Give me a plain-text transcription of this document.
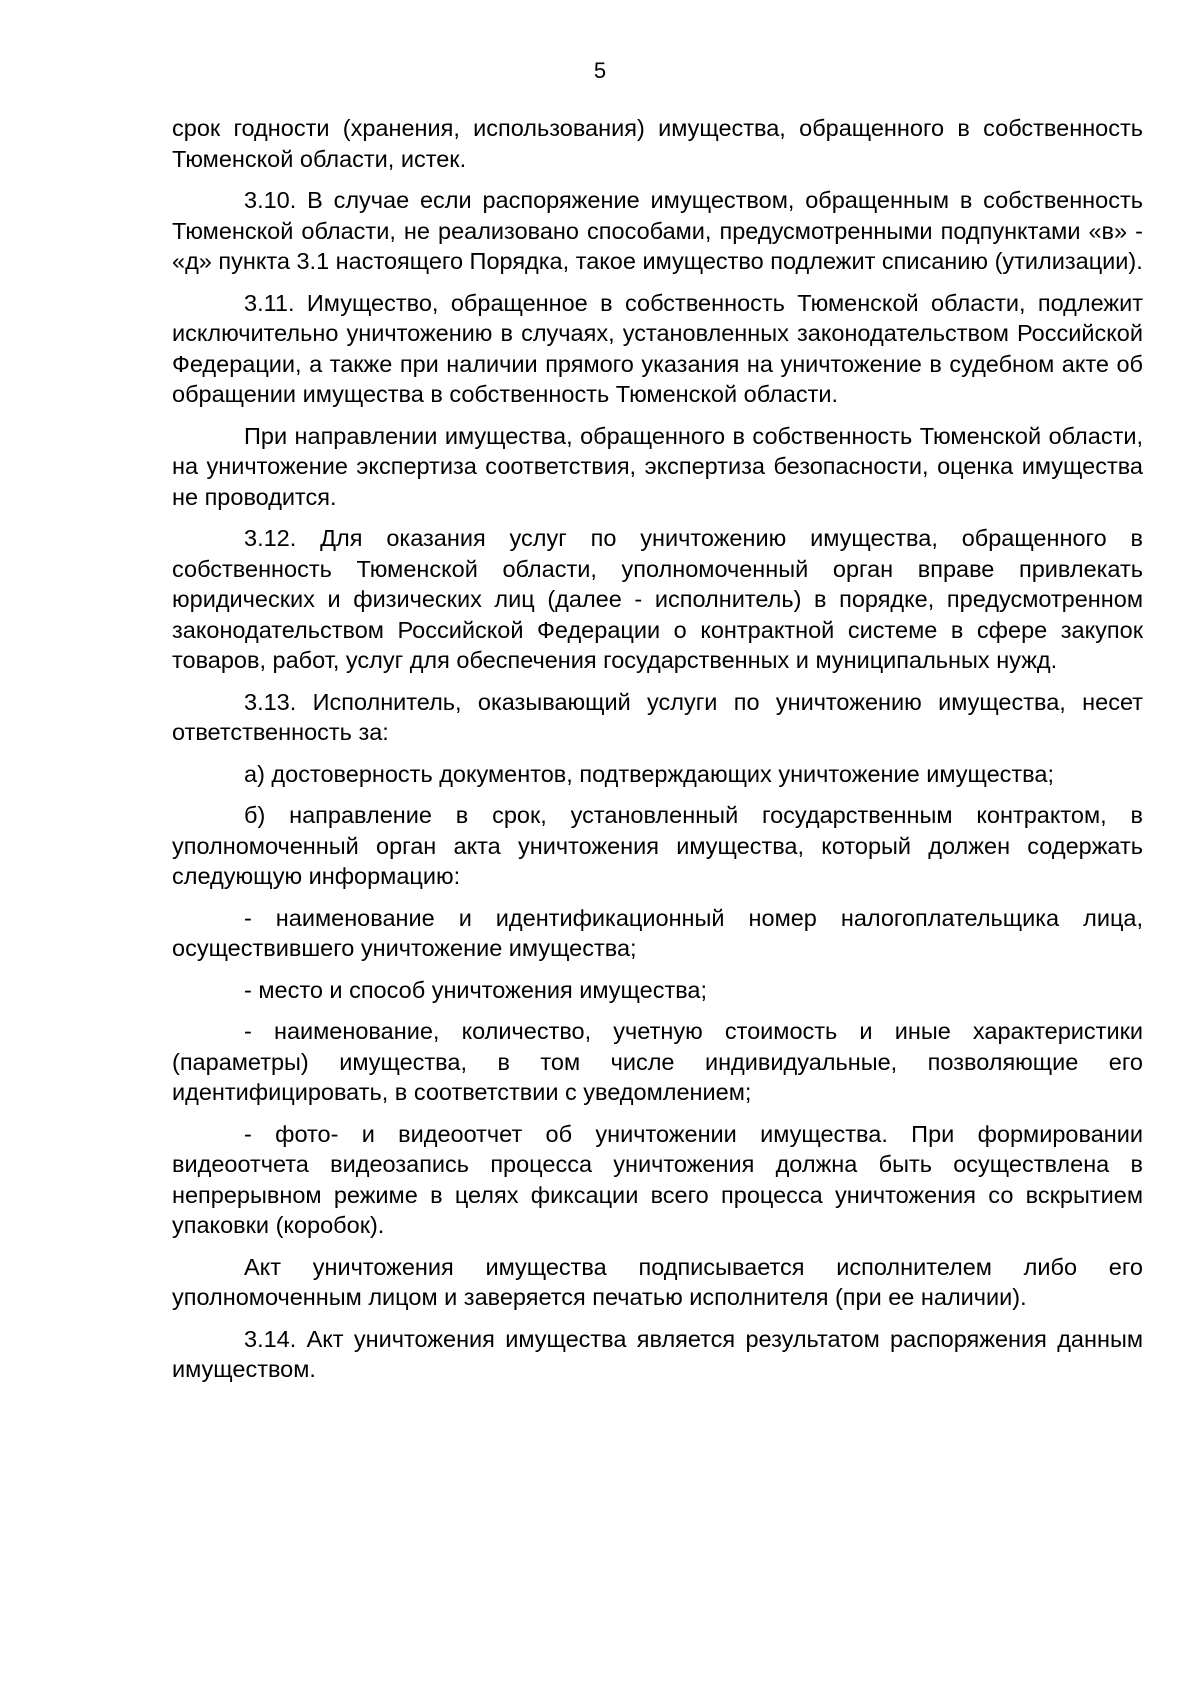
5

срок годности (хранения, использования) имущества, обращенного в собственность Тюменской области, истек.

3.10. В случае если распоряжение имуществом, обращенным в собственность Тюменской области, не реализовано способами, предусмотренными подпунктами «в» - «д» пункта 3.1 настоящего Порядка, такое имущество подлежит списанию (утилизации).

3.11. Имущество, обращенное в собственность Тюменской области, подлежит исключительно уничтожению в случаях, установленных законодательством Российской Федерации, а также при наличии прямого указания на уничтожение в судебном акте об обращении имущества в собственность Тюменской области.

При направлении имущества, обращенного в собственность Тюменской области, на уничтожение экспертиза соответствия, экспертиза безопасности, оценка имущества не проводится.

3.12. Для оказания услуг по уничтожению имущества, обращенного в собственность Тюменской области, уполномоченный орган вправе привлекать юридических и физических лиц (далее - исполнитель) в порядке, предусмотренном законодательством Российской Федерации о контрактной системе в сфере закупок товаров, работ, услуг для обеспечения государственных и муниципальных нужд.

3.13. Исполнитель, оказывающий услуги по уничтожению имущества, несет ответственность за:

а) достоверность документов, подтверждающих уничтожение имущества;

б) направление в срок, установленный государственным контрактом, в уполномоченный орган акта уничтожения имущества, который должен содержать следующую информацию:

- наименование и идентификационный номер налогоплательщика лица, осуществившего уничтожение имущества;

- место и способ уничтожения имущества;

- наименование, количество, учетную стоимость и иные характеристики (параметры) имущества, в том числе индивидуальные, позволяющие его идентифицировать, в соответствии с уведомлением;

- фото- и видеоотчет об уничтожении имущества. При формировании видеоотчета видеозапись процесса уничтожения должна быть осуществлена в непрерывном режиме в целях фиксации всего процесса уничтожения со вскрытием упаковки (коробок).

Акт уничтожения имущества подписывается исполнителем либо его уполномоченным лицом и заверяется печатью исполнителя (при ее наличии).

3.14. Акт уничтожения имущества является результатом распоряжения данным имуществом.
